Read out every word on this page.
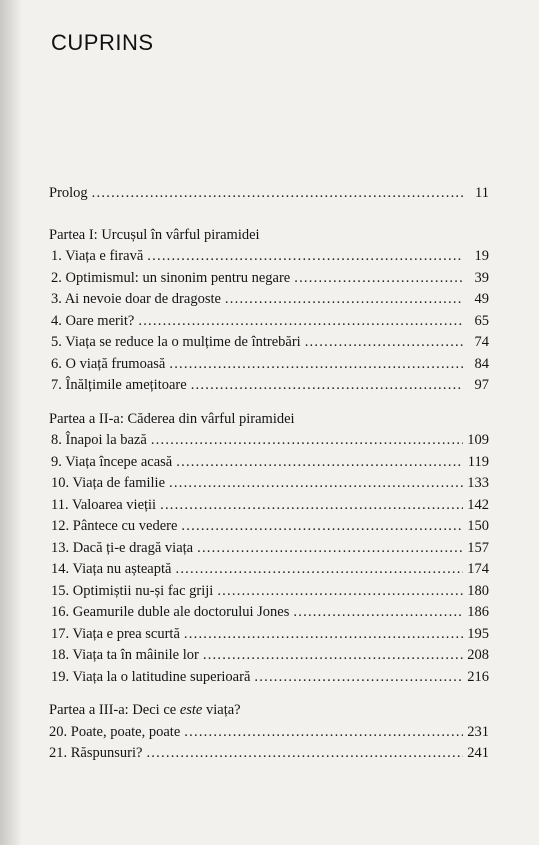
CUPRINS
Prolog . . .	11
Partea I: Urcușul în vârful piramidei
1. Viața e firavă . . .	19
2. Optimismul: un sinonim pentru negare . . .	39
3. Ai nevoie doar de dragoste . . .	49
4. Oare merit? . . .	65
5. Viața se reduce la o mulțime de întrebări . . .	74
6. O viață frumoasă . . .	84
7. Înălțimile amețitoare . . .	97
Partea a II-a: Căderea din vârful piramidei
8. Înapoi la bază . . .	109
9. Viața începe acasă . . .	119
10. Viața de familie . . .	133
11. Valoarea vieții . . .	142
12. Pântece cu vedere . . .	150
13. Dacă ți-e dragă viața . . .	157
14. Viața nu așteaptă . . .	174
15. Optimiștii nu-și fac griji . . .	180
16. Geamurile duble ale doctorului Jones . . .	186
17. Viața e prea scurtă . . .	195
18. Viața ta în mâinile lor . . .	208
19. Viața la o latitudine superioară . . .	216
Partea a III-a: Deci ce este viața?
20. Poate, poate, poate . . .	231
21. Răspunsuri? . . .	241
